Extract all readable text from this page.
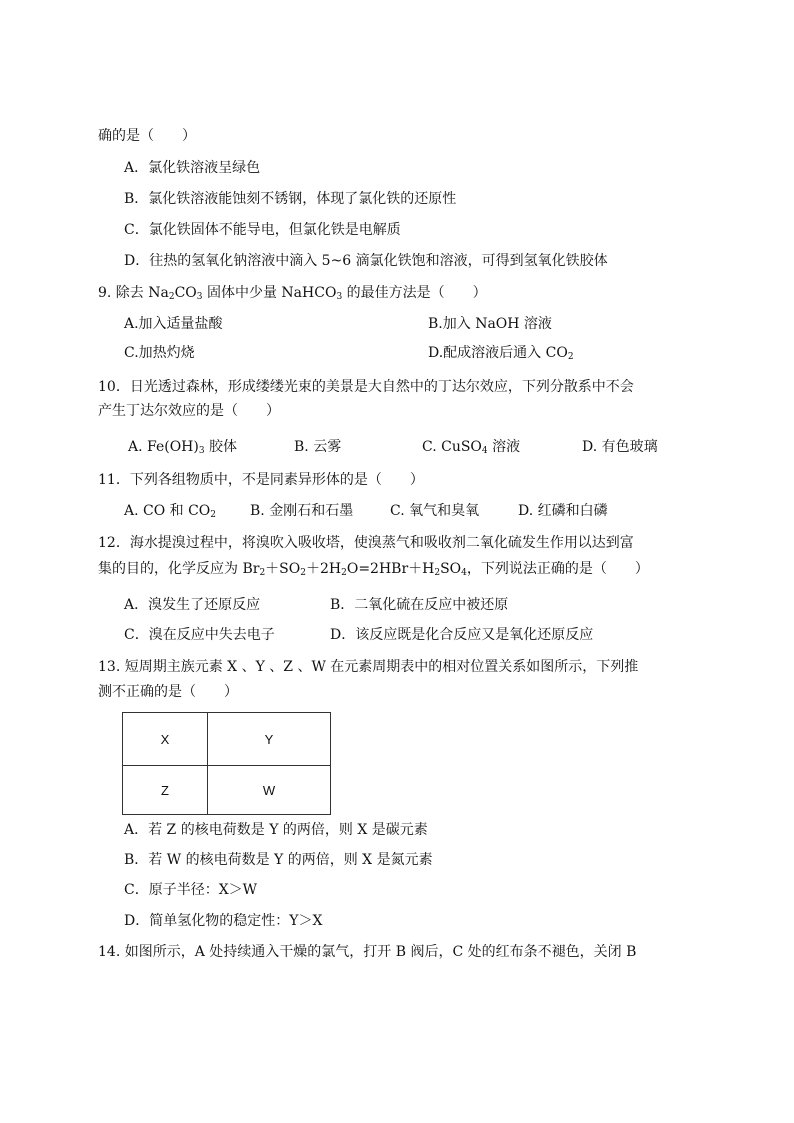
确的是（　　）
A．氯化铁溶液呈绿色
B．氯化铁溶液能蚀刻不锈钢，体现了氯化铁的还原性
C．氯化铁固体不能导电，但氯化铁是电解质
D．往热的氢氧化钠溶液中滴入 5~6 滴氯化铁饱和溶液，可得到氢氧化铁胶体
9. 除去 $Na_2CO_3$ 固体中少量 NaHCO$_3$ 的最佳方法是（　　）
A.加入适量盐酸	B.加入 NaOH 溶液
C.加热灼烧	D.配成溶液后通入 $CO_2$
10．日光透过森林，形成缕缕光束的美景是大自然中的丁达尔效应，下列分散系中不会
产生丁达尔效应的是（　　）
A. $Fe(OH)_3$ 胶体	B. 云雾	C. CuSO$_4$ 溶液	D. 有色玻璃
11．下列各组物质中，不是同素异形体的是（　　）
A. CO 和 $CO_2$ B. 金刚石和石墨	C. 氧气和臭氧	D. 红磷和白磷
12．海水提溴过程中，将溴吹入吸收塔，使溴蒸气和吸收剂二氧化硫发生作用以达到富
集的目的，化学反应为 $Br_2+SO_2+2H_2O=2HBr+H_2SO_4$，下列说法正确的是（　　）
A．溴发生了还原反应	B．二氧化硫在反应中被还原
C．溴在反应中失去电子	D．该反应既是化合反应又是氧化还原反应
13. 短周期主族元素 X 、Y 、Z 、W 在元素周期表中的相对位置关系如图所示，下列推
测不正确的是（　　）
X	Y
Z	W
A．若 Z 的核电荷数是 Y 的两倍，则 X 是碳元素
B．若 W 的核电荷数是 Y 的两倍，则 X 是氮元素
C．原子半径：X＞W
D．简单氢化物的稳定性：Y＞X
14. 如图所示，A 处持续通入干燥的氯气，打开 B 阀后，C 处的红布条不褪色，关闭 B
